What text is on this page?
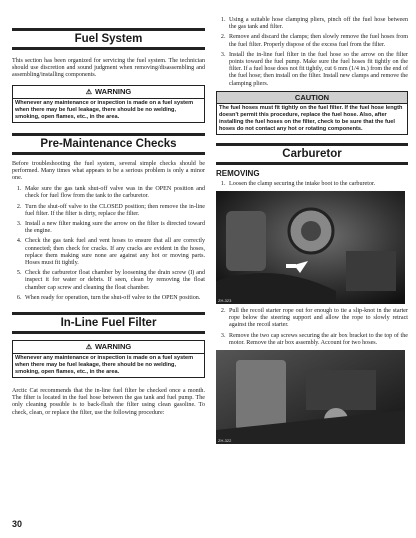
Fuel System

This section has been organized for servicing the fuel system. The technician should use discretion and sound judgment when removing/disassembling and assembling/installing components.

⚠ WARNING
Whenever any maintenance or inspection is made on a fuel system when there may be fuel leakage, there should be no welding, smoking, open flames, etc., in the area.
Pre-Maintenance Checks

Before troubleshooting the fuel system, several simple checks should be performed. Many times what appears to be a serious problem is only a minor one.

1. Make sure the gas tank shut-off valve was in the OPEN position and check for fuel flow from the tank to the carburetor.
2. Turn the shut-off valve to the CLOSED position; then remove the in-line fuel filter. If the filter is dirty, replace the filter.
3. Install a new filter making sure the arrow on the filter is directed toward the engine.
4. Check the gas tank fuel and vent hoses to ensure that all are correctly connected; then check for cracks. If any cracks are evident in the hoses, replace them making sure none are against any hot or moving parts. Hoses must fit tightly.
5. Check the carburetor float chamber by loosening the drain screw (I) and inspect it for water or debris. If seen, clean by removing the float chamber cap screw and cleaning the float chamber.
6. When ready for operation, turn the shut-off valve to the OPEN position.
In-Line Fuel Filter
⚠ WARNING
Whenever any maintenance or inspection is made on a fuel system when there may be fuel leakage, there should be no welding, smoking, open flames, etc., in the area.

Arctic Cat recommends that the in-line fuel filter be checked once a month. The filter is located in the fuel hose between the gas tank and fuel pump. The only cleaning possible is to back-flush the filter using clean gasoline. To check, clean, or replace the filter, use the following procedure:

1. Using a suitable hose clamping pliers, pinch off the fuel hose between the gas tank and filter.
2. Remove and discard the clamps; then slowly remove the fuel hoses from the fuel filter. Properly dispose of the excess fuel from the filter.
3. Install the in-line fuel filter in the fuel hose so the arrow on the filter points toward the fuel pump. Make sure the fuel hoses fit tightly on the filter. If a fuel hose does not fit tightly, cut 6 mm (1/4 in.) from the end of the fuel hose; then install on the filter. Install new clamps and remove the clamping pliers.
CAUTION
The fuel hoses must fit tightly on the fuel filter. If the fuel hose length doesn't permit this procedure, replace the fuel hose. Also, after installing the fuel hoses on the filter, check to be sure that the fuel hoses do not contact any hot or rotating components.
Carburetor
REMOVING
1. Loosen the clamp securing the intake boot to the carburetor.
ZH-323
2. Pull the recoil starter rope out for enough to tie a slip-knot in the starter rope below the steering support and allow the rope to slowly retract against the recoil starter.
3. Remove the two cap screws securing the air box bracket to the top of the motor. Remove the air box assembly. Account for two hoses.
ZH-322
30
